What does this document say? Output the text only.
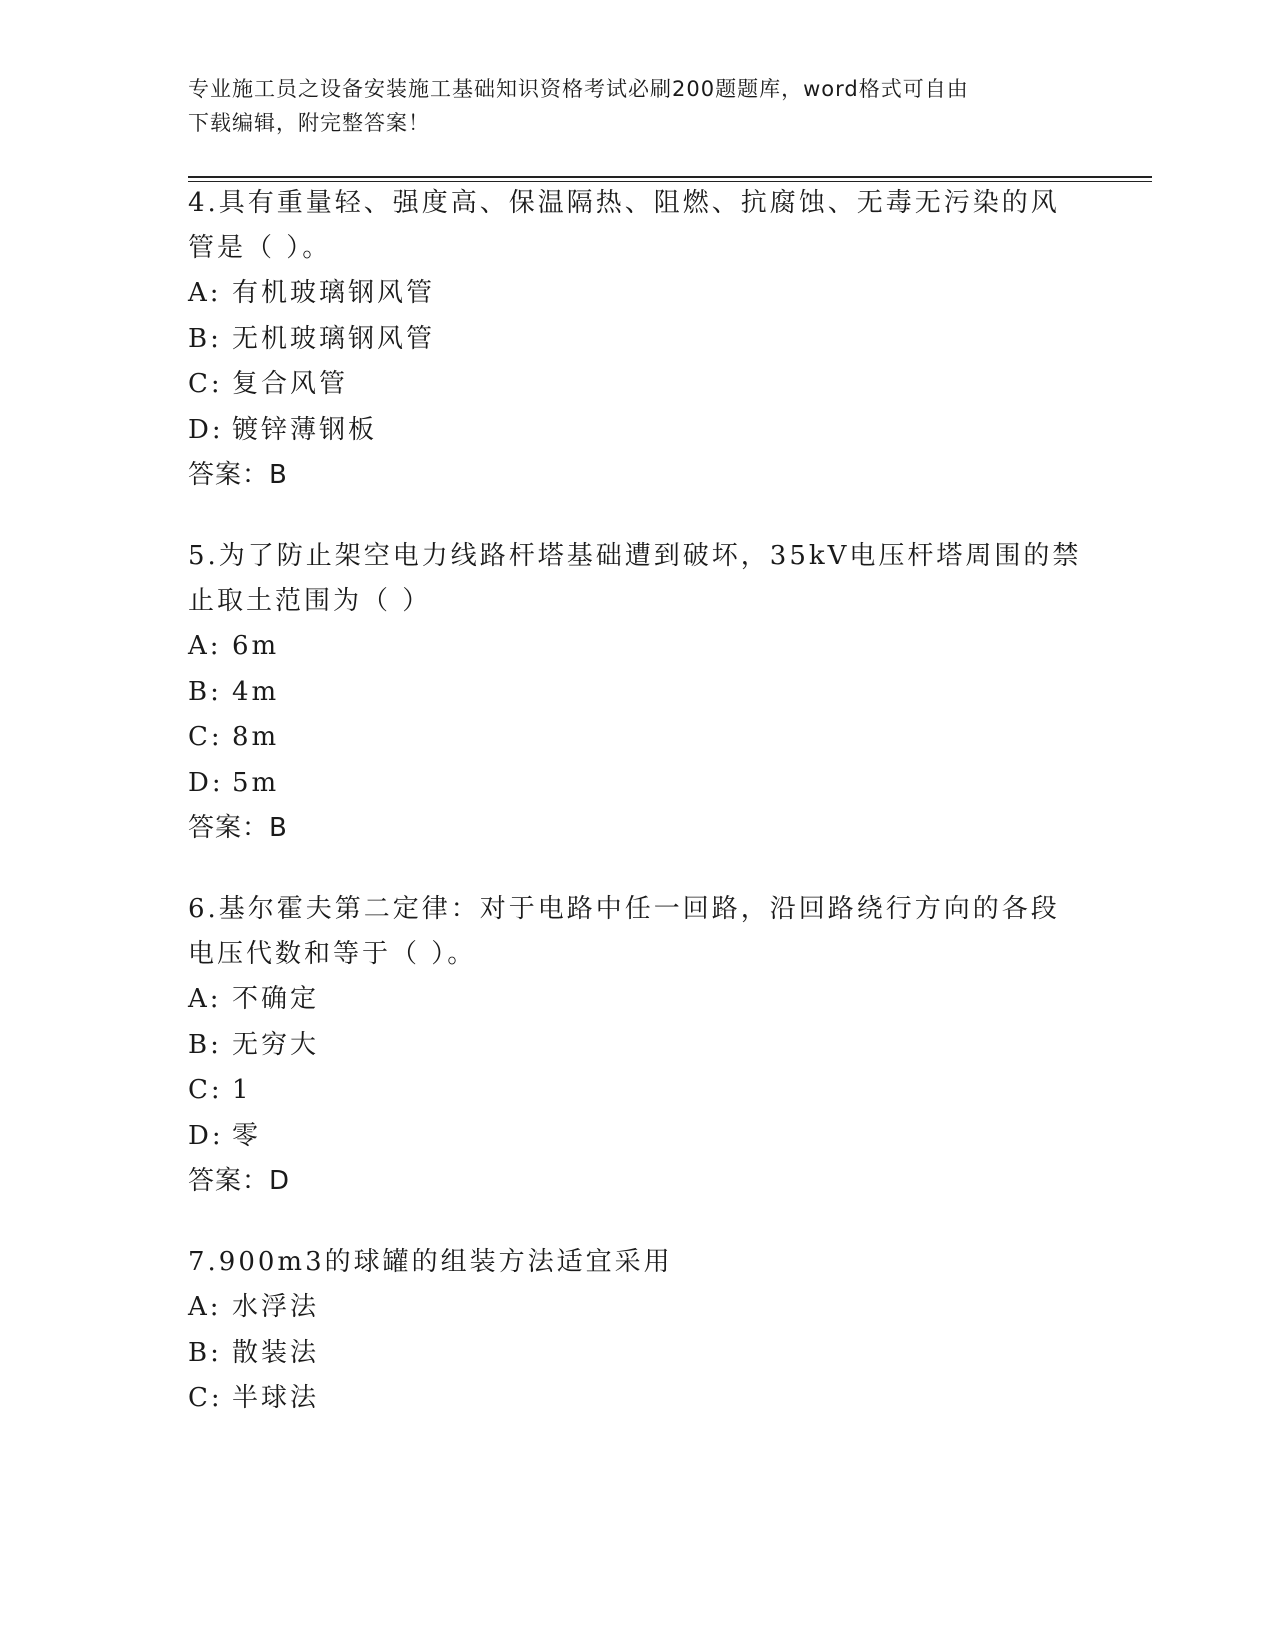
专业施工员之设备安装施工基础知识资格考试必刷200题题库，word格式可自由
下载编辑，附完整答案！

4.具有重量轻、强度高、保温隔热、阻燃、抗腐蚀、无毒无污染的风
管是（ ）。

A: 有机玻璃钢风管

B: 无机玻璃钢风管

C: 复合风管

D: 镀锌薄钢板

答案：B

5.为了防止架空电力线路杆塔基础遭到破坏，35kV电压杆塔周围的禁
止取土范围为（ ）

A: 6m

B: 4m

C: 8m

D: 5m

答案：B

6.基尔霍夫第二定律：对于电路中任一回路，沿回路绕行方向的各段
电压代数和等于（ ）。

A: 不确定

B: 无穷大

C: 1

D: 零

答案：D

7.900m3的球罐的组装方法适宜采用

A: 水浮法

B: 散装法

C: 半球法
